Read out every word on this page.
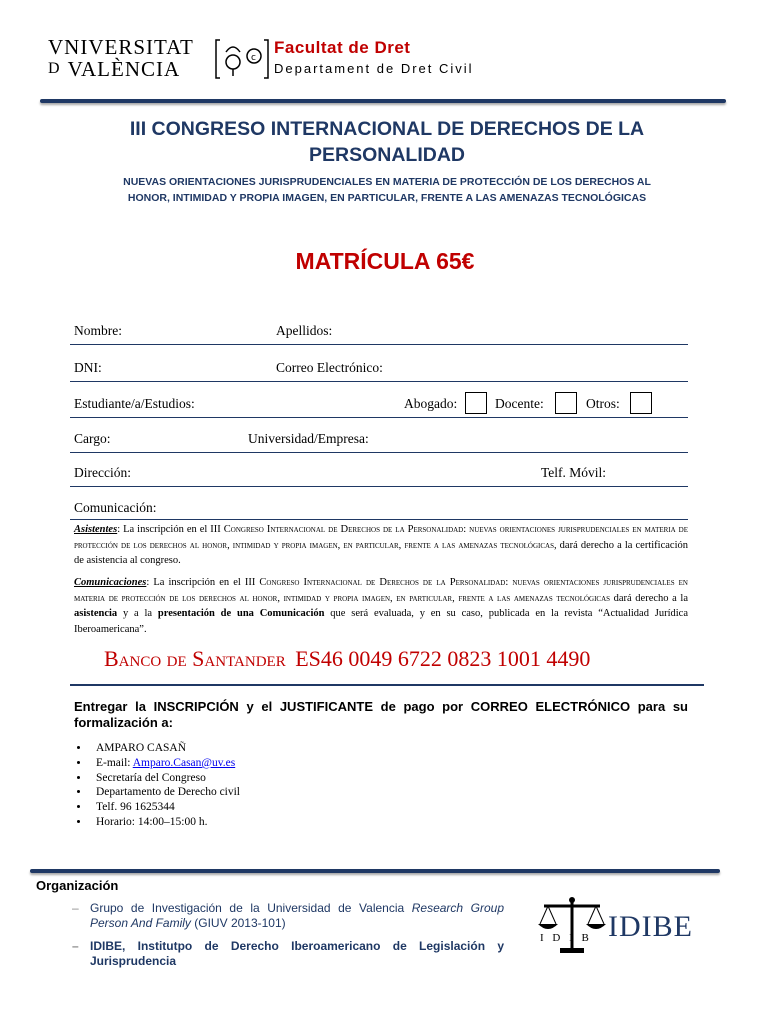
VNIVERSITAT
D VALÈNCIA	c
Facultat de Dret
Departament de Dret Civil
III CONGRESO INTERNACIONAL DE DERECHOS DE LA
PERSONALIDAD
NUEVAS ORIENTACIONES JURISPRUDENCIALES EN MATERIA DE PROTECCIÓN DE LOS DERECHOS AL
HONOR, INTIMIDAD Y PROPIA IMAGEN, EN PARTICULAR, FRENTE A LAS AMENAZAS TECNOLÓGICAS
MATRÍCULA 65€
Nombre:	Apellidos:
DNI:	Correo Electrónico:
Estudiante/a/Estudios:	Abogado:	Docente:	Otros:
Cargo:	Universidad/Empresa:
Dirección:	Telf. Móvil:
Comunicación:
Asistentes: La inscripción en el III Congreso Internacional de Derechos de la Personalidad: nuevas orientaciones jurisprudenciales en materia de protección de los derechos al honor, intimidad y propia imagen, en particular, frente a las amenazas tecnológicas, dará derecho a la certificación de asistencia al congreso.
Comunicaciones: La inscripción en el III Congreso Internacional de Derechos de la Personalidad: nuevas orientaciones jurisprudenciales en materia de protección de los derechos al honor, intimidad y propia imagen, en particular, frente a las amenazas tecnológicas dará derecho a la asistencia y a la presentación de una Comunicación que será evaluada, y en su caso, publicada en la revista “Actualidad Jurídica Iberoamericana”.
Banco de Santander ES46 0049 6722 0823 1001 4490
Entregar la INSCRIPCIÓN y el JUSTIFICANTE de pago por CORREO ELECTRÓNICO para su formalización a:
• AMPARO CASAÑ
• E-mail: Amparo.Casan@uv.es
• Secretaría del Congreso
• Departamento de Derecho civil
• Telf. 96 1625344
• Horario: 14:00–15:00 h.
Organización
– Grupo de Investigación de la Universidad de Valencia Research Group Person And Family (GIUV 2013-101)
– IDIBE, Institutpo de Derecho Iberoamericano de Legislación y Jurisprudencia
I D I B IDIBE
